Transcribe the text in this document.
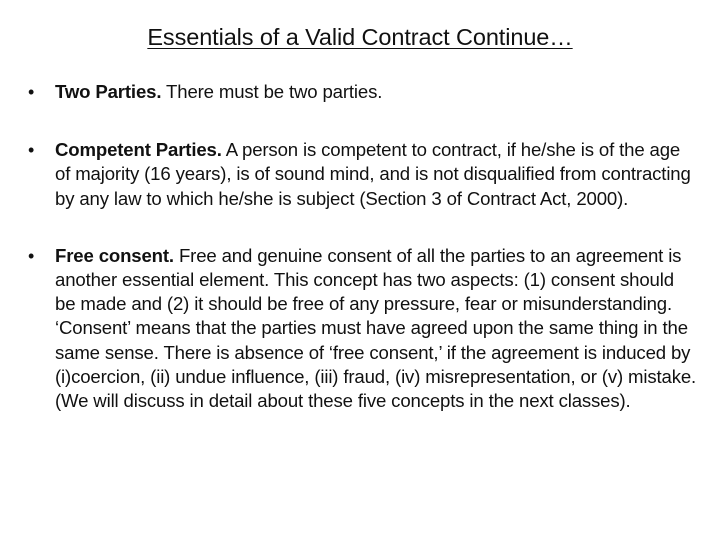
Essentials of a Valid Contract Continue…
•	Two Parties. There must be two parties.
•	Competent Parties. A person is competent to contract, if he/she is of the age of majority (16 years), is of sound mind, and is not disqualified from contracting by any law to which he/she is subject (Section 3 of Contract Act, 2000).
•	Free consent. Free and genuine consent of all the parties to an agreement is another essential element. This concept has two aspects: (1) consent should be made and (2) it should be free of any pressure, fear or misunderstanding. ‘Consent’ means that the parties must have agreed upon the same thing in the same sense. There is absence of ‘free consent,’ if the agreement is induced by (i)coercion, (ii) undue influence, (iii) fraud, (iv) misrepresentation, or (v) mistake. (We will discuss in detail about these five concepts in the next classes).
